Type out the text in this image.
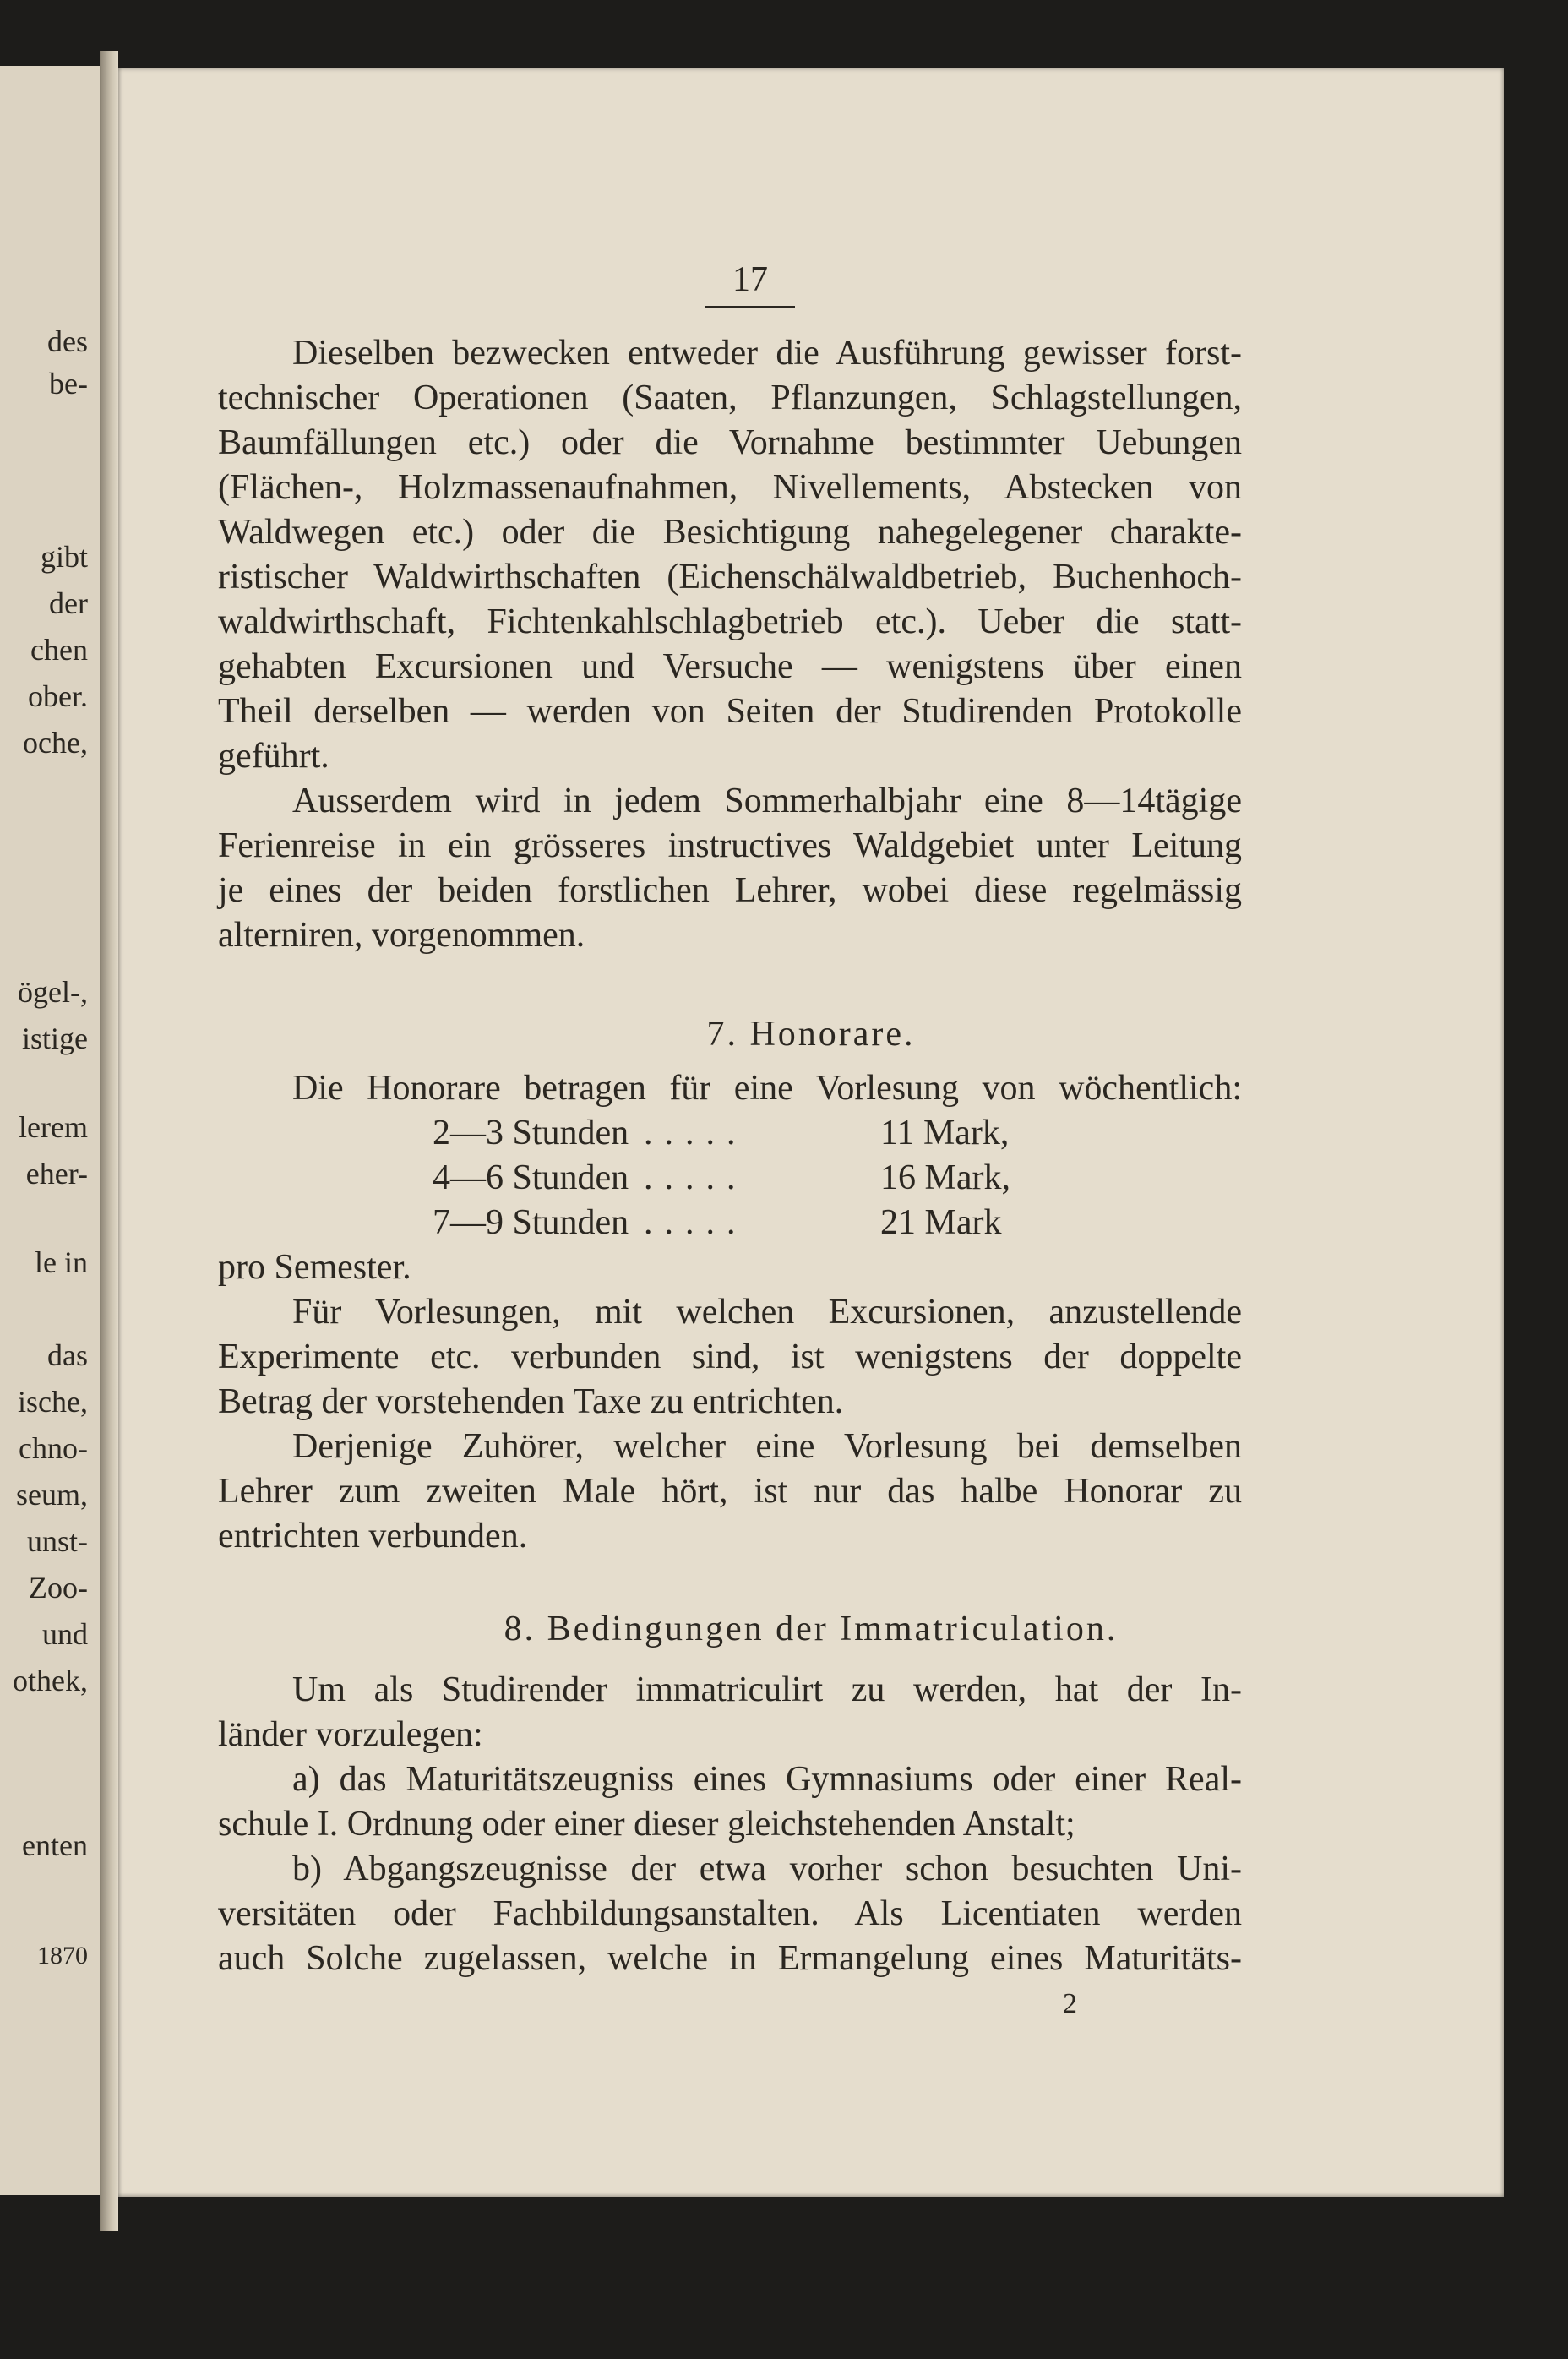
des
be-
gibt
der
chen
ober.
oche,
ögel-,
istige
lerem
eher-
le in
das
ische,
chno-
seum,
unst-
Zoo-
und
othek,
enten
1870
17
Dieselben bezwecken entweder die Ausführung gewisser forst-
technischer Operationen (Saaten, Pflanzungen, Schlagstellungen,
Baumfällungen etc.) oder die Vornahme bestimmter Uebungen
(Flächen-, Holzmassenaufnahmen, Nivellements, Abstecken von
Waldwegen etc.) oder die Besichtigung nahegelegener charakte-
ristischer Waldwirthschaften (Eichenschälwaldbetrieb, Buchenhoch-
waldwirthschaft, Fichtenkahlschlagbetrieb etc.). Ueber die statt-
gehabten Excursionen und Versuche — wenigstens über einen
Theil derselben — werden von Seiten der Studirenden Protokolle
geführt.
Ausserdem wird in jedem Sommerhalbjahr eine 8—14tägige
Ferienreise in ein grösseres instructives Waldgebiet unter Leitung
je eines der beiden forstlichen Lehrer, wobei diese regelmässig
alterniren, vorgenommen.
7. Honorare.
Die Honorare betragen für eine Vorlesung von wöchentlich:
2—3 Stunden .....	11 Mark,
4—6 Stunden .....	16 Mark,
7—9 Stunden .....	21 Mark
pro Semester.
Für Vorlesungen, mit welchen Excursionen, anzustellende
Experimente etc. verbunden sind, ist wenigstens der doppelte
Betrag der vorstehenden Taxe zu entrichten.
Derjenige Zuhörer, welcher eine Vorlesung bei demselben
Lehrer zum zweiten Male hört, ist nur das halbe Honorar zu
entrichten verbunden.
8. Bedingungen der Immatriculation.
Um als Studirender immatriculirt zu werden, hat der In-
länder vorzulegen:
a) das Maturitätszeugniss eines Gymnasiums oder einer Real-
schule I. Ordnung oder einer dieser gleichstehenden Anstalt;
b) Abgangszeugnisse der etwa vorher schon besuchten Uni-
versitäten oder Fachbildungsanstalten. Als Licentiaten werden
auch Solche zugelassen, welche in Ermangelung eines Maturitäts-
2
